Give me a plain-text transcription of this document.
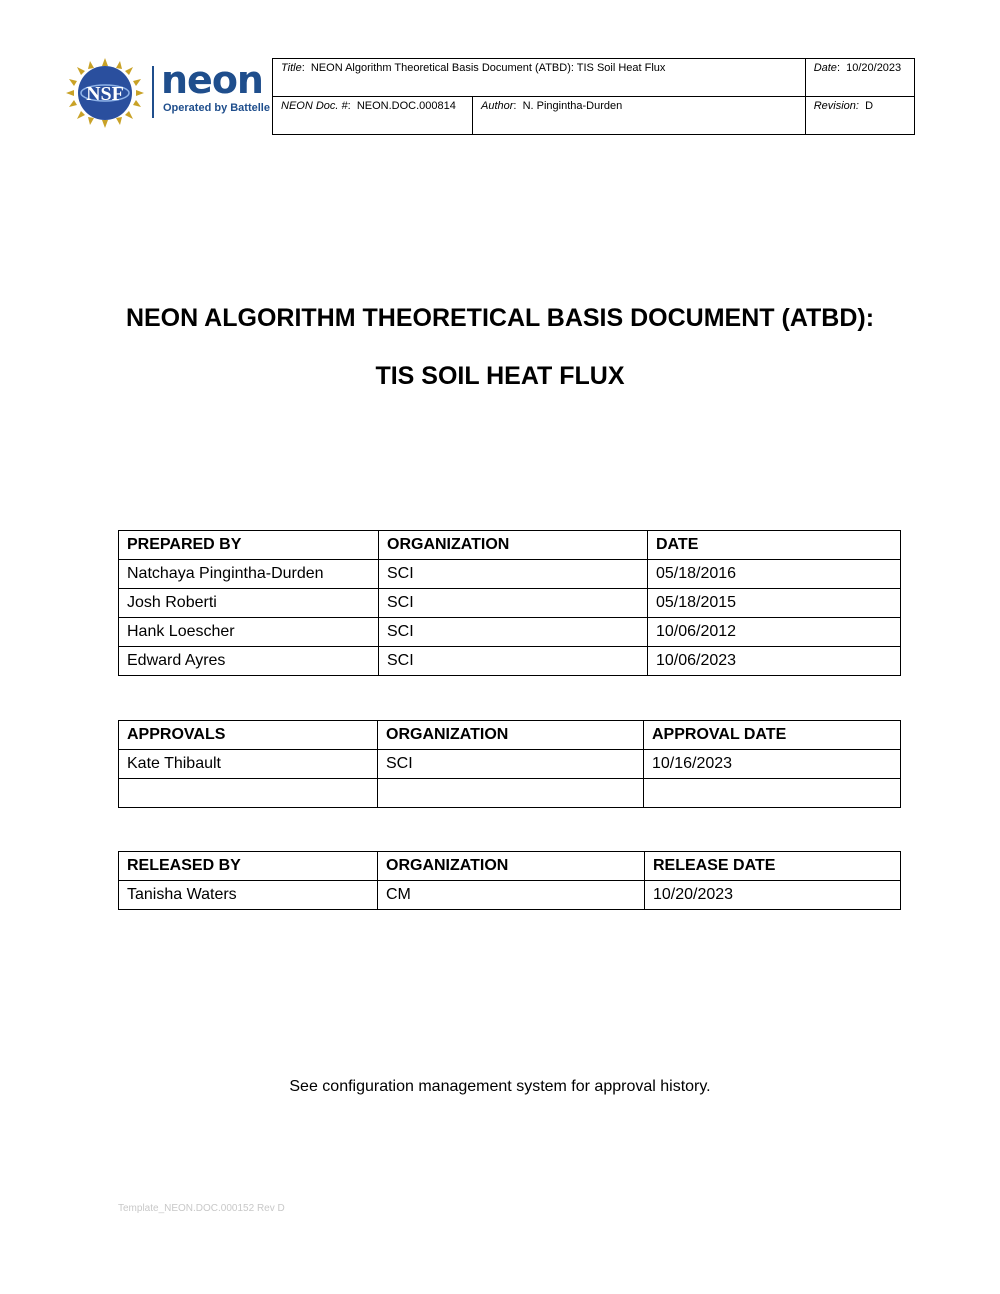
NSF neon
Operated by Battelle
Title:  NEON Algorithm Theoretical Basis Document (ATBD): TIS Soil Heat Flux		Date:  10/20/2023
NEON Doc. #:  NEON.DOC.000814	Author:  N. Pingintha-Durden	Revision: D
NEON ALGORITHM THEORETICAL BASIS DOCUMENT (ATBD):
TIS SOIL HEAT FLUX
PREPARED BY	ORGANIZATION	DATE
Natchaya Pingintha-Durden	SCI	05/18/2016
Josh Roberti	SCI	05/18/2015
Hank Loescher	SCI	10/06/2012
Edward Ayres	SCI	10/06/2023
APPROVALS	ORGANIZATION	APPROVAL DATE
Kate Thibault	SCI	10/16/2023

RELEASED BY	ORGANIZATION	RELEASE DATE
Tanisha Waters	CM	10/20/2023
See configuration management system for approval history.
Template_NEON.DOC.000152 Rev D
